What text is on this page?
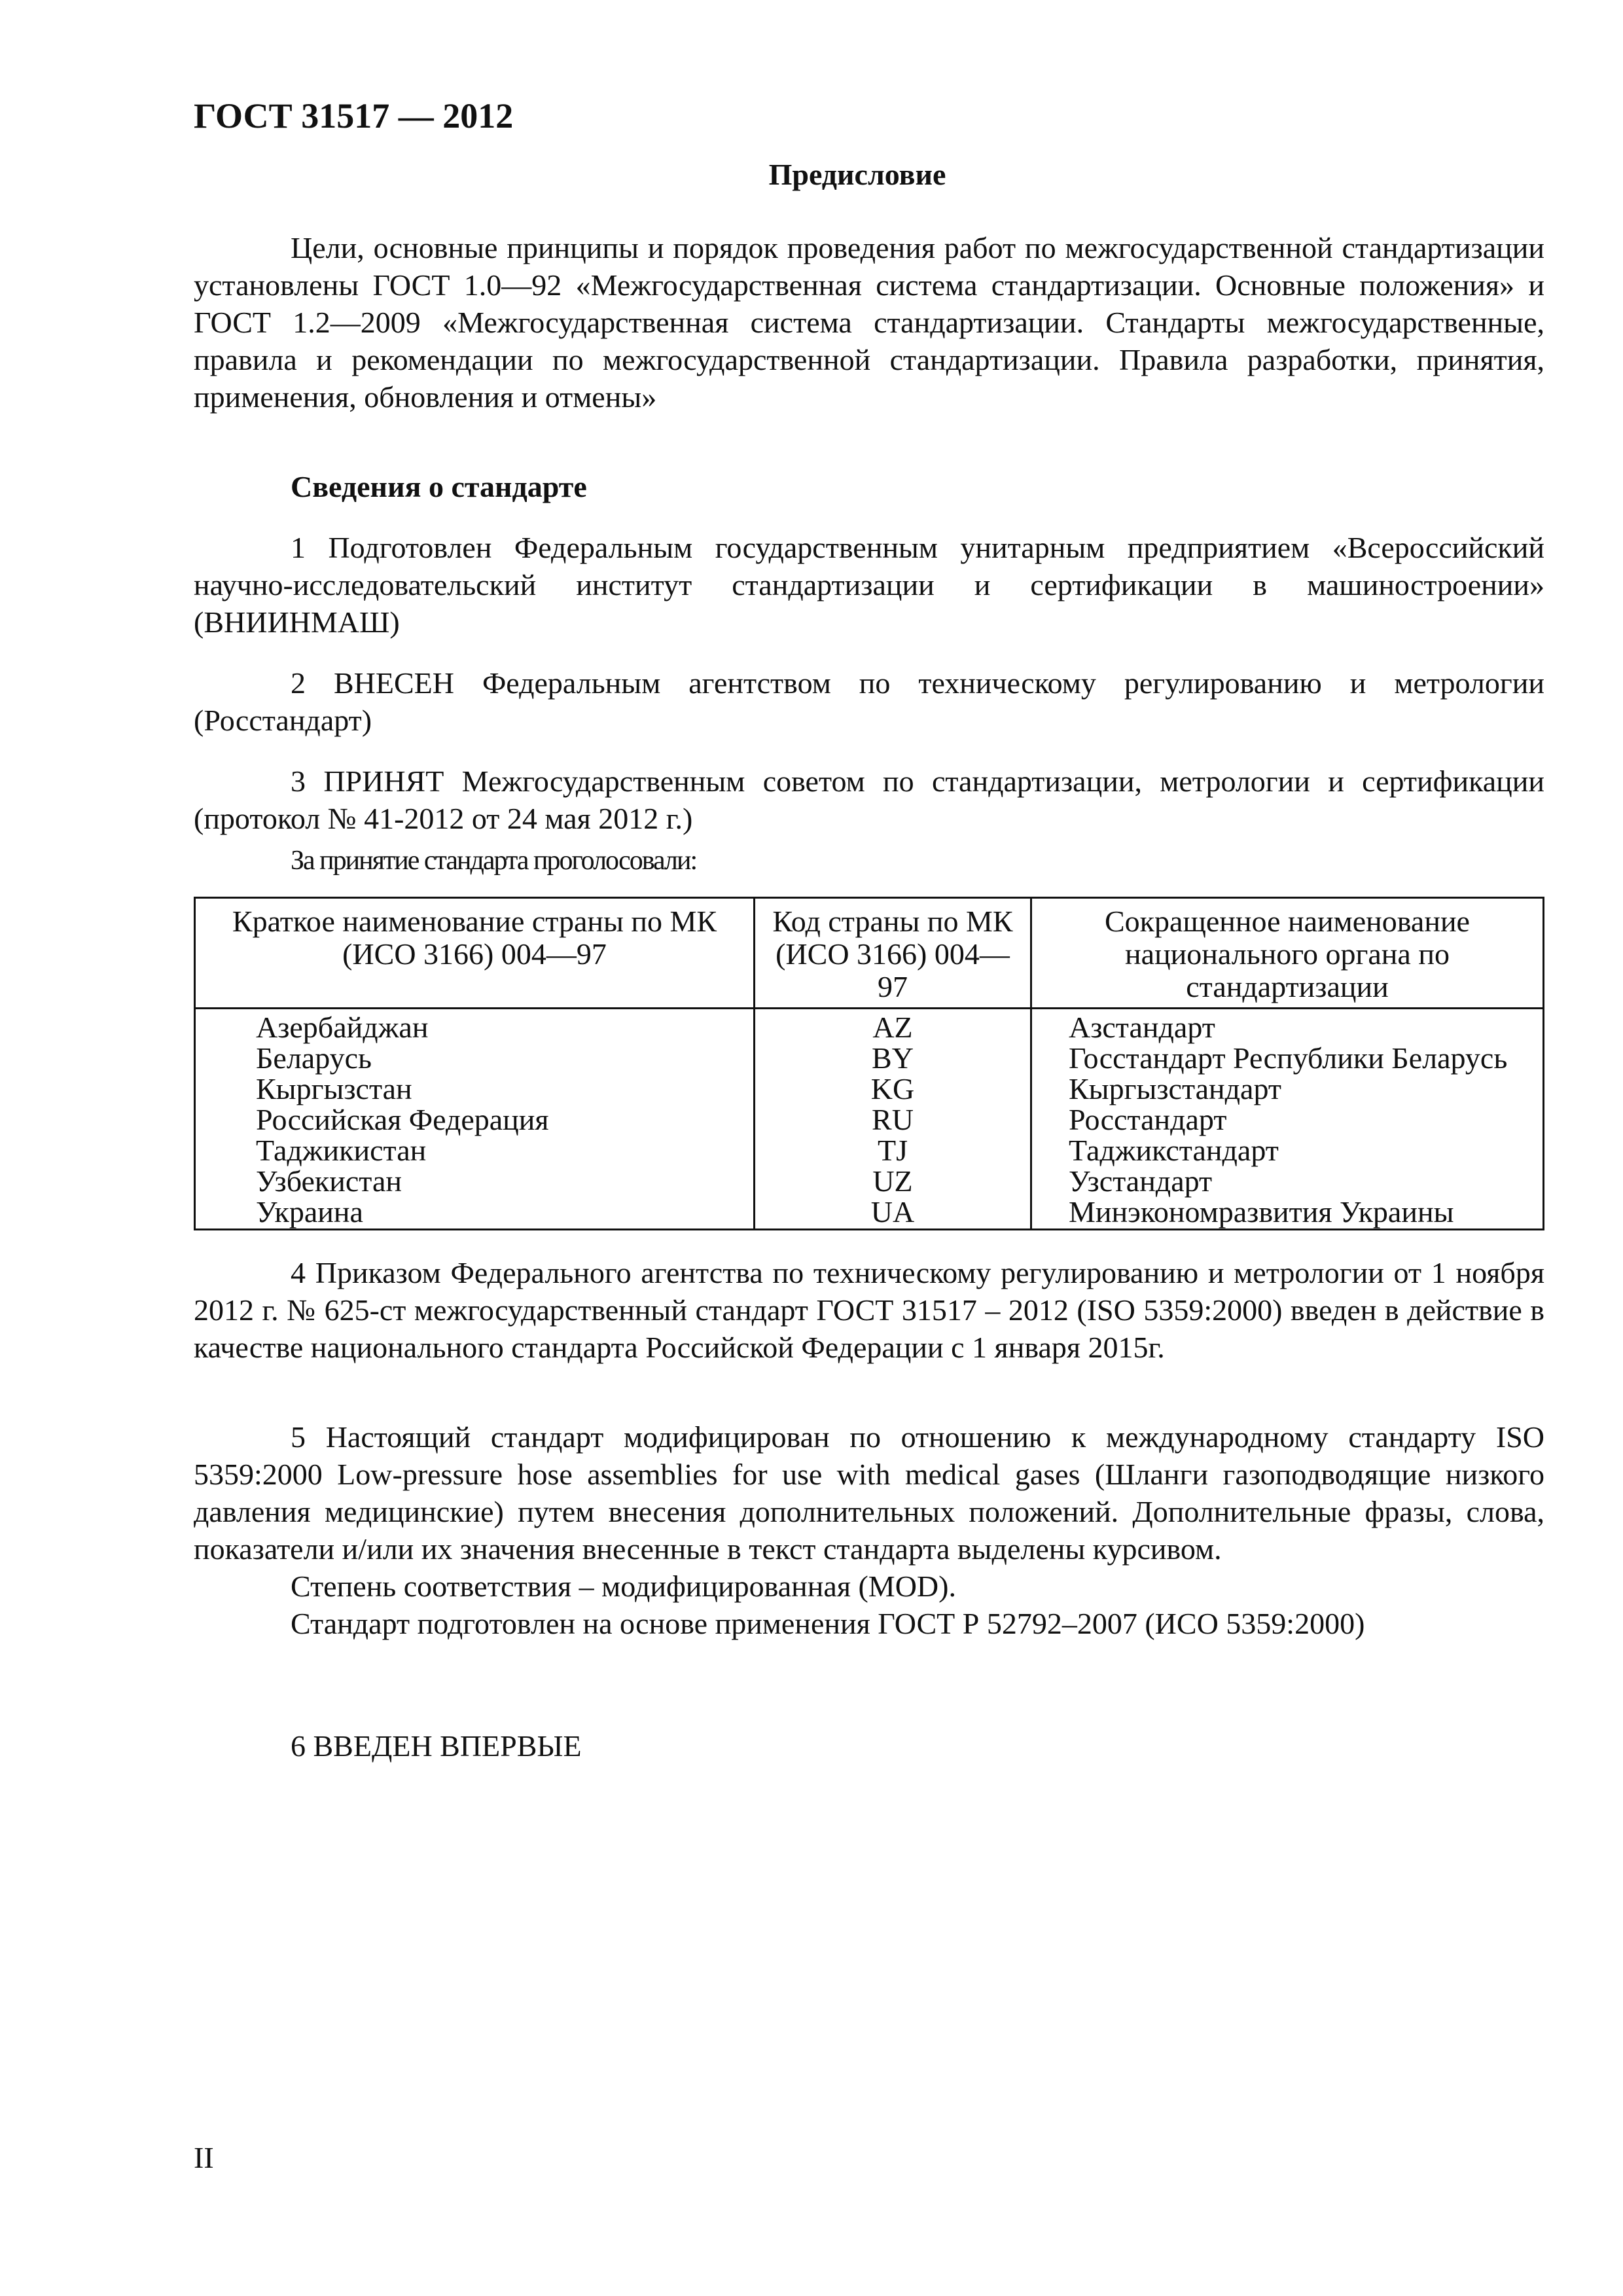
ГОСТ 31517 — 2012
Предисловие

Цели, основные принципы и порядок проведения работ по межгосударственной стандартизации установлены ГОСТ 1.0—92 «Межгосударственная система стандартизации. Основные положения» и ГОСТ 1.2—2009 «Межгосударственная система стандартизации. Стандарты межгосударственные, правила и рекомендации по межгосударственной стандартизации. Правила разработки, принятия, применения, обновления и отмены»

Сведения о стандарте

1 Подготовлен Федеральным государственным унитарным предприятием «Всероссийский научно-исследовательский институт стандартизации и сертификации в машиностроении» (ВНИИНМАШ)

2 ВНЕСЕН Федеральным агентством по техническому регулированию и метрологии (Росстандарт)

3 ПРИНЯТ Межгосударственным советом по стандартизации, метрологии и сертификации (протокол № 41-2012 от 24 мая 2012 г.)

За принятие стандарта проголосовали:

Краткое наименование страны по МК (ИСО 3166) 004—97	Код страны по МК (ИСО 3166) 004—97	Сокращенное наименование национального органа по стандартизации
Азербайджан	AZ	Азстандарт
Беларусь	BY	Госстандарт Республики Беларусь
Кыргызстан	KG	Кыргызстандарт
Российская Федерация	RU	Росстандарт
Таджикистан	TJ	Таджикстандарт
Узбекистан	UZ	Узстандарт
Украина	UA	Минэкономразвития Украины

4 Приказом Федерального агентства по техническому регулированию и метрологии от 1 ноября 2012 г. № 625-ст межгосударственный стандарт ГОСТ 31517 – 2012 (ISO 5359:2000) введен в действие в качестве национального стандарта Российской Федерации с 1 января 2015г.

5 Настоящий стандарт модифицирован по отношению к международному стандарту ISO 5359:2000 Low-pressure hose assemblies for use with medical gases (Шланги газоподводящие низкого давления медицинские) путем внесения дополнительных положений. Дополнительные фразы, слова, показатели и/или их значения внесенные в текст стандарта выделены курсивом.

Степень соответствия – модифицированная (MOD).

Стандарт подготовлен на основе применения ГОСТ Р 52792–2007 (ИСО 5359:2000)

6 ВВЕДЕН ВПЕРВЫЕ

II
